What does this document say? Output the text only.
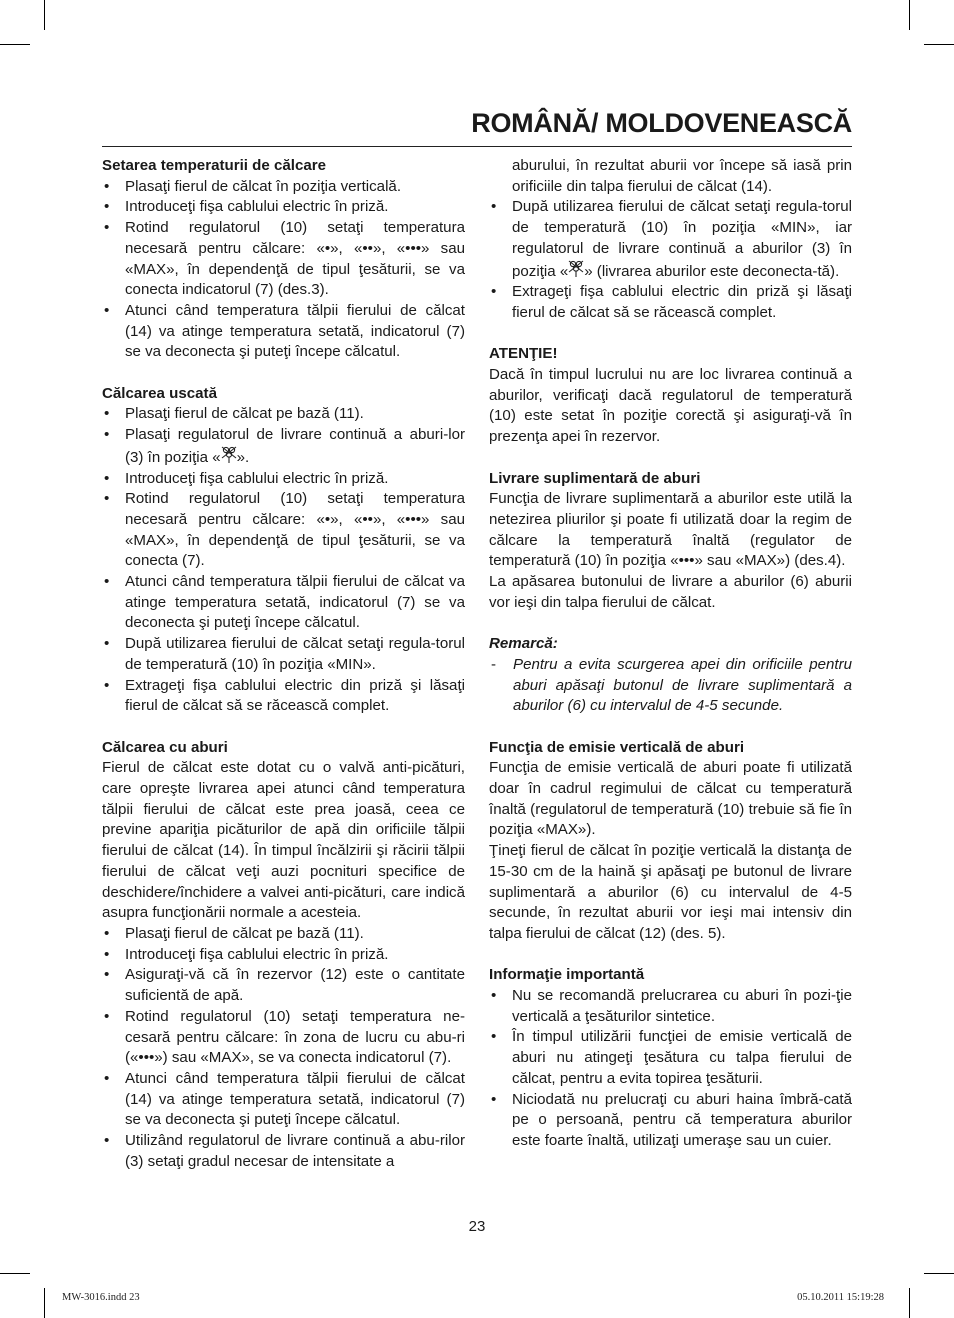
ROMÂNĂ/ MOLDOVENEASCĂ

Setarea temperaturii de călcare

• Plasaţi fierul de călcat în poziţia verticală.
• Introduceţi fişa cablului electric în priză.
• Rotind regulatorul (10) setaţi temperatura necesară pentru călcare: «•», «••», «•••» sau «MAX», în dependenţă de tipul ţesăturii, se va conecta indicatorul (7) (des.3).
• Atunci când temperatura tălpii fierului de călcat (14) va atinge temperatura setată, indicatorul (7) se va deconecta şi puteţi începe călcatul.

Călcarea uscată

• Plasaţi fierul de călcat pe bază (11).
• Plasaţi regulatorul de livrare continuă a aburi-lor (3) în poziţia « ».
• Introduceţi fişa cablului electric în priză.
• Rotind regulatorul (10) setaţi temperatura necesară pentru călcare: «•», «••», «•••» sau «MAX», în dependenţă de tipul ţesăturii, se va conecta (7).
• Atunci când temperatura tălpii fierului de călcat va atinge temperatura setată, indicatorul (7) se va deconecta şi puteţi începe călcatul.
• După utilizarea fierului de călcat setaţi regula-torul de temperatură (10) în poziţia «MIN».
• Extrageţi fişa cablului electric din priză şi lăsaţi fierul de călcat să se răcească complet.

Călcarea cu aburi

Fierul de călcat este dotat cu o valvă anti-picături, care opreşte livrarea apei atunci când temperatura tălpii fierului de călcat este prea joasă, ceea ce previne apariţia picăturilor de apă din orificiile tălpii fierului de călcat (14). În timpul încălzirii şi răcirii tălpii fierului de călcat veţi auzi pocnituri specifice de deschidere/închidere a valvei anti-picături, care indică asupra funcţionării normale a acesteia.

• Plasaţi fierul de călcat pe bază (11).
• Introduceţi fişa cablului electric în priză.
• Asiguraţi-vă că în rezervor (12) este o cantitate suficientă de apă.
• Rotind regulatorul (10) setaţi temperatura ne-cesară pentru călcare: în zona de lucru cu abu-ri («•••») sau «MAX», se va conecta indicatorul (7).
• Atunci când temperatura tălpii fierului de călcat (14) va atinge temperatura setată, indicatorul (7) se va deconecta şi puteţi începe călcatul.
• Utilizând regulatorul de livrare continuă a abu-rilor (3) setaţi gradul necesar de intensitate a

aburului, în rezultat aburii vor începe să iasă prin orificiile din talpa fierului de călcat (14).

• După utilizarea fierului de călcat setaţi regula-torul de temperatură (10) în poziţia «MIN», iar regulatorul de livrare continuă a aburilor (3) în poziţia « » (livrarea aburilor este deconecta-tă).
• Extrageţi fişa cablului electric din priză şi lăsaţi fierul de călcat să se răcească complet.

ATENŢIE!

Dacă în timpul lucrului nu are loc livrarea continuă a aburilor, verificaţi dacă regulatorul de temperatură (10) este setat în poziţie corectă şi asiguraţi-vă în prezenţa apei în rezervor.

Livrare suplimentară de aburi

Funcţia de livrare suplimentară a aburilor este utilă la netezirea pliurilor şi poate fi utilizată doar la regim de călcare la temperatură înaltă (regulator de temperatură (10) în poziţia «•••» sau «MAX») (des.4).

La apăsarea butonului de livrare a aburilor (6) aburii vor ieşi din talpa fierului de călcat.

Remarcă:

- Pentru a evita scurgerea apei din orificiile pentru aburi apăsaţi butonul de livrare suplimentară a aburilor (6) cu intervalul de 4-5 secunde.

Funcţia de emisie verticală de aburi

Funcţia de emisie verticală de aburi poate fi utilizată doar în cadrul regimului de călcat cu temperatură înaltă (regulatorul de temperatură (10) trebuie să fie în poziţia «MAX»).

Ţineţi fierul de călcat în poziţie verticală la distanţa de 15-30 cm de la haină şi apăsaţi pe butonul de livrare suplimentară a aburilor (6) cu intervalul de 4-5 secunde, în rezultat aburii vor ieşi mai intensiv din talpa fierului de călcat (12) (des. 5).

Informaţie importantă

• Nu se recomandă prelucrarea cu aburi în pozi-ţie verticală a ţesăturilor sintetice.
• În timpul utilizării funcţiei de emisie verticală de aburi nu atingeţi ţesătura cu talpa fierului de călcat, pentru a evita topirea ţesăturii.
• Niciodată nu prelucraţi cu aburi haina îmbră-cată pe o persoană, pentru că temperatura aburilor este foarte înaltă, utilizaţi umeraşe sau un cuier.
23
MW-3016.indd 23	05.10.2011 15:19:28
